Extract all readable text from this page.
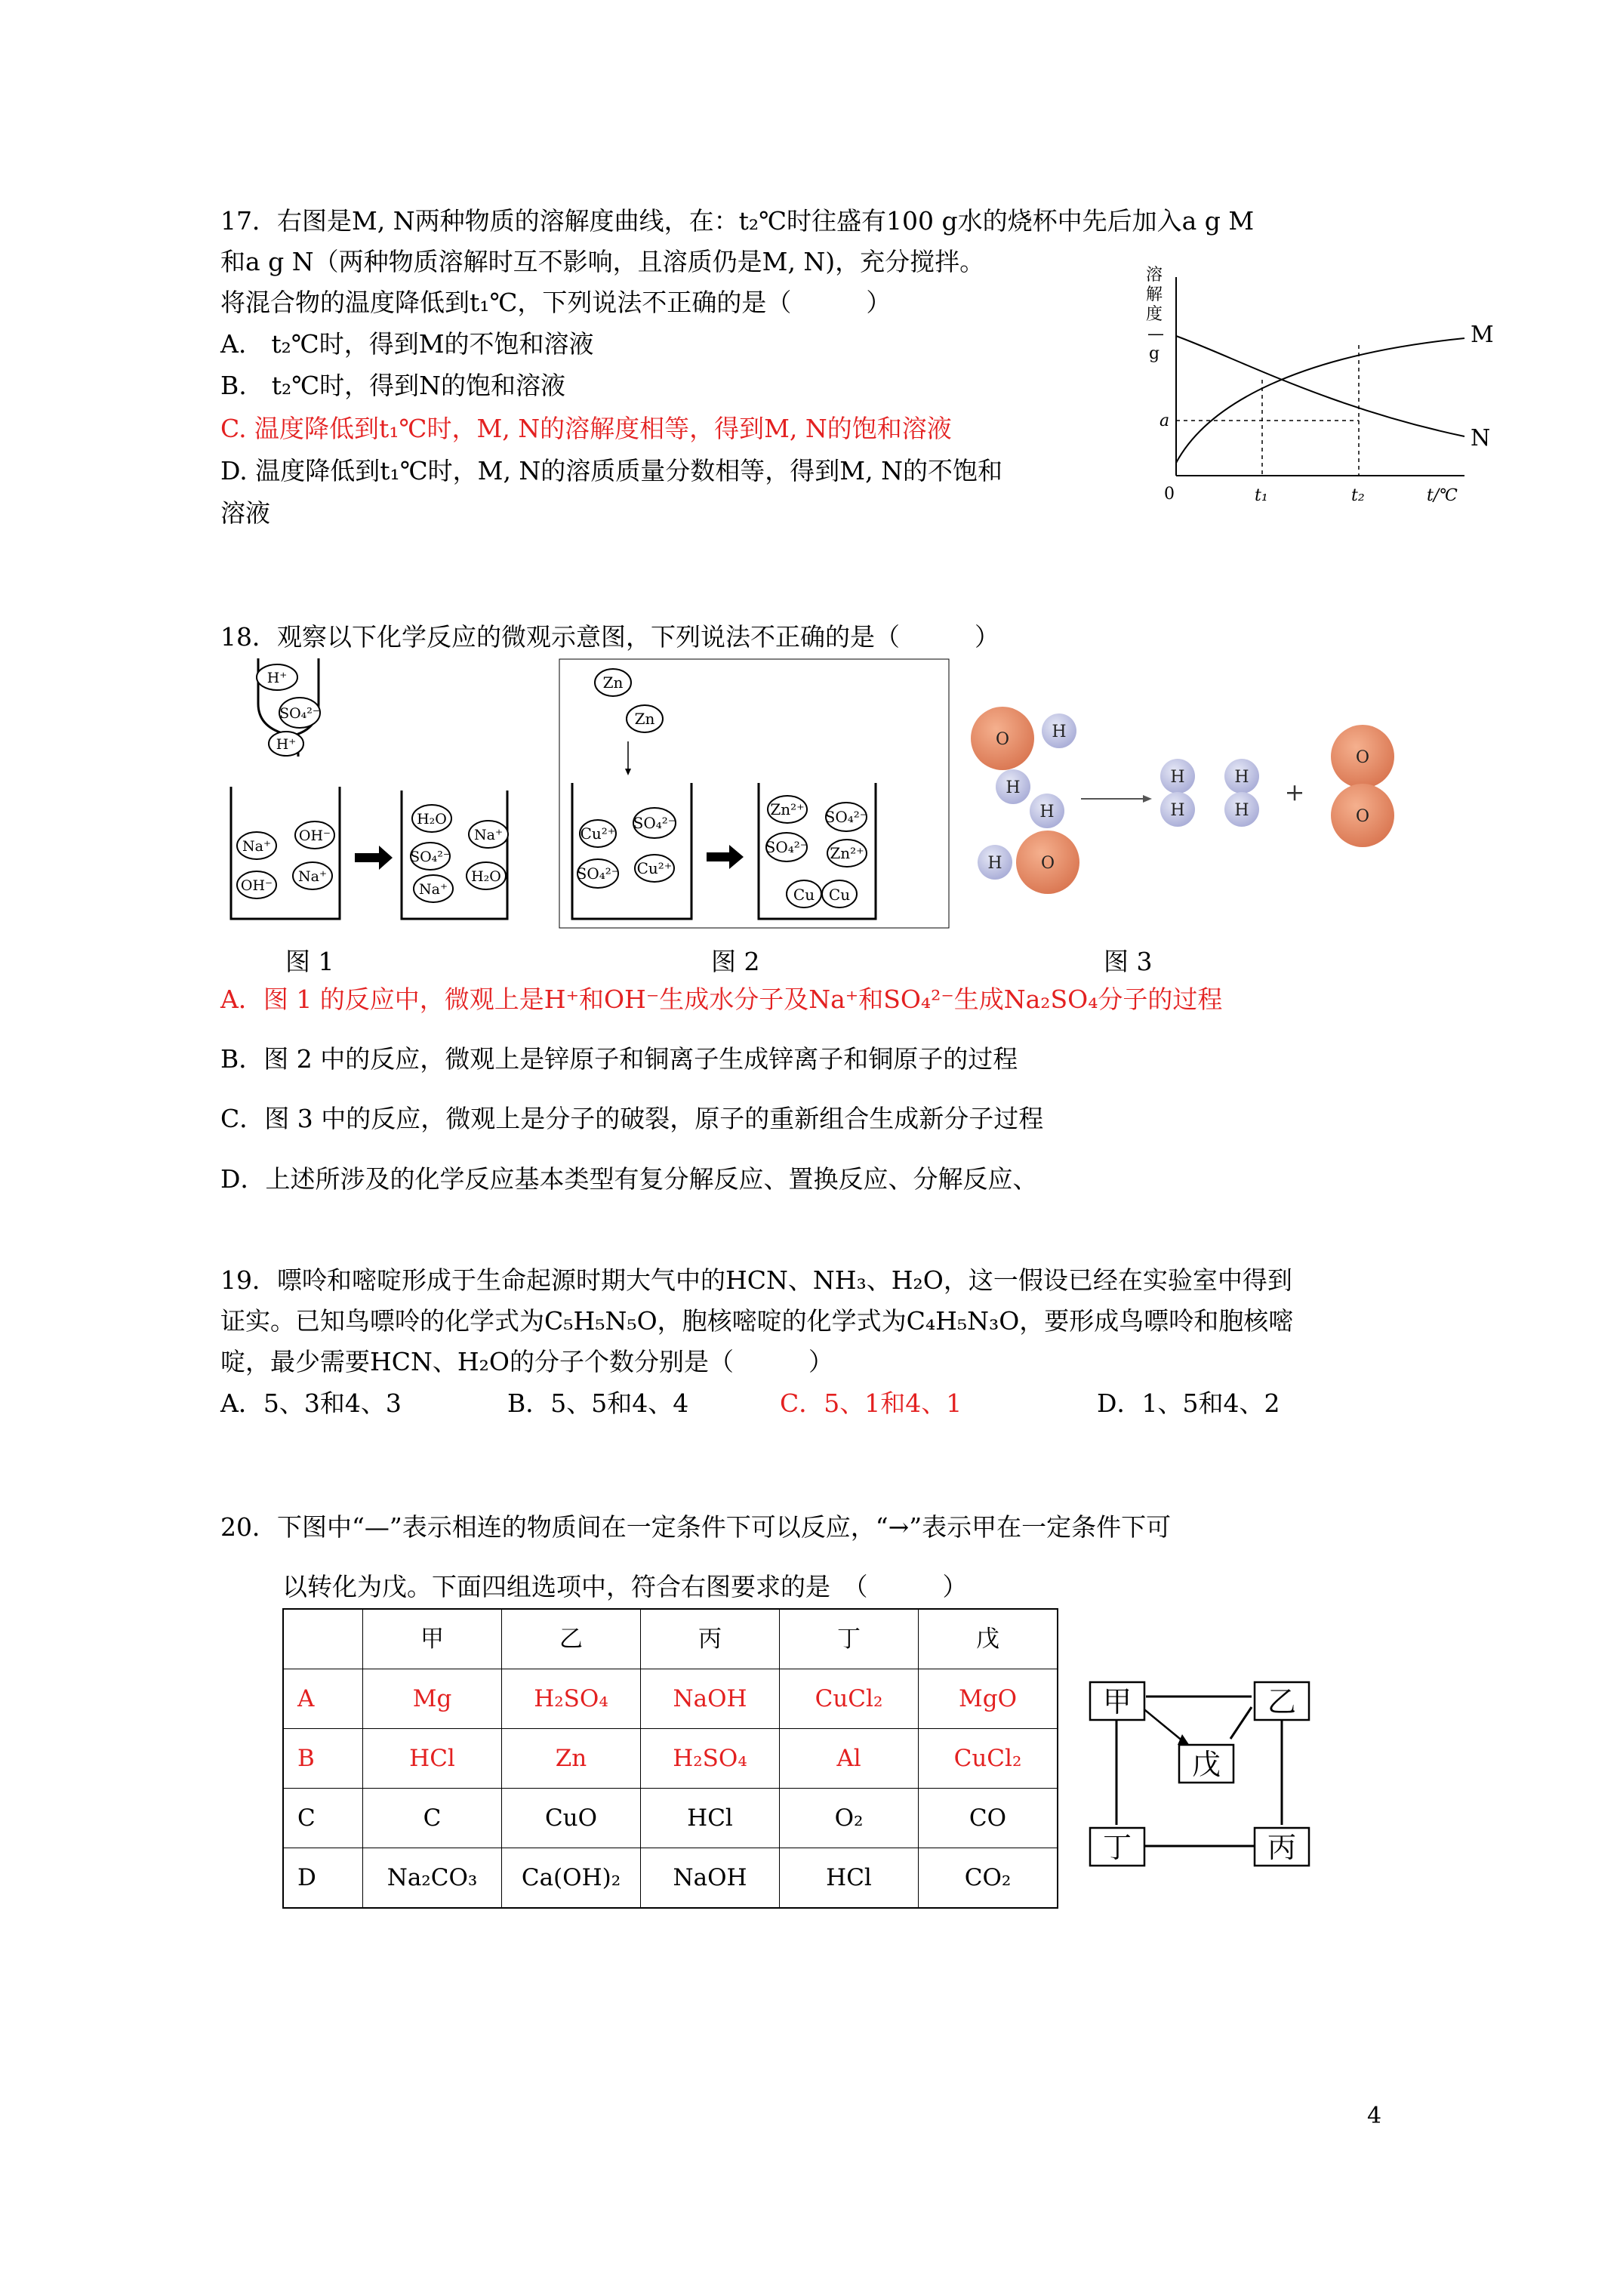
17．右图是M, N两种物质的溶解度曲线，在：t₂℃时往盛有100 g水的烧杯中先后加入a g M
和a g N（两种物质溶解时互不影响，且溶质仍是M, N)，充分搅拌。
将混合物的温度降低到t₁℃，下列说法不正确的是（　　　）
A.　t₂℃时，得到M的不饱和溶液
B.　t₂℃时，得到N的饱和溶液
C. 温度降低到t₁℃时，M, N的溶解度相等，得到M, N的饱和溶液
D. 温度降低到t₁℃时，M, N的溶质质量分数相等，得到M, N的不饱和
溶液
溶
解
度
—
g
a
0	t₁	t₂	t/℃
M
N
18．观察以下化学反应的微观示意图，下列说法不正确的是（　　　）
H⁺
SO₄²⁻
H⁺
Na⁺
OH⁻
OH⁻
Na⁺
H₂O
Na⁺
SO₄²⁻
Na⁺
H₂O
Zn
Zn
Cu²⁺
SO₄²⁻
SO₄²⁻ Cu²⁺
Zn²⁺ SO₄²⁻
SO₄²⁻ Zn²⁺
Cu Cu
O	H
H
O
H
H
H
H
H
H
O
O
+
图 1	图 2	图 3
A．图 1 的反应中，微观上是H⁺和OH⁻生成水分子及Na⁺和SO₄²⁻生成Na₂SO₄分子的过程
B．图 2 中的反应，微观上是锌原子和铜离子生成锌离子和铜原子的过程
C．图 3 中的反应，微观上是分子的破裂，原子的重新组合生成新分子过程
D．上述所涉及的化学反应基本类型有复分解反应、置换反应、分解反应、
19．嘌呤和嘧啶形成于生命起源时期大气中的HCN、NH₃、H₂O，这一假设已经在实验室中得到
证实。已知鸟嘌呤的化学式为C₅H₅N₅O，胞核嘧啶的化学式为C₄H₅N₃O，要形成鸟嘌呤和胞核嘧
啶，最少需要HCN、H₂O的分子个数分别是（　　　）
A．5、3和4、3	B．5、5和4、4	C．5、1和4、1	D．1、5和4、2
20．下图中“—”表示相连的物质间在一定条件下可以反应，“→”表示甲在一定条件下可
以转化为戊。下面四组选项中，符合右图要求的是　（　　　）
	甲	乙	丙	丁	戊
A	Mg	H₂SO₄	NaOH	CuCl₂	MgO
B	HCl	Zn	H₂SO₄	Al	CuCl₂
C	C	CuO	HCl	O₂	CO
D	Na₂CO₃	Ca(OH)₂	NaOH	HCl	CO₂
甲	乙
戊
丁	丙
4
